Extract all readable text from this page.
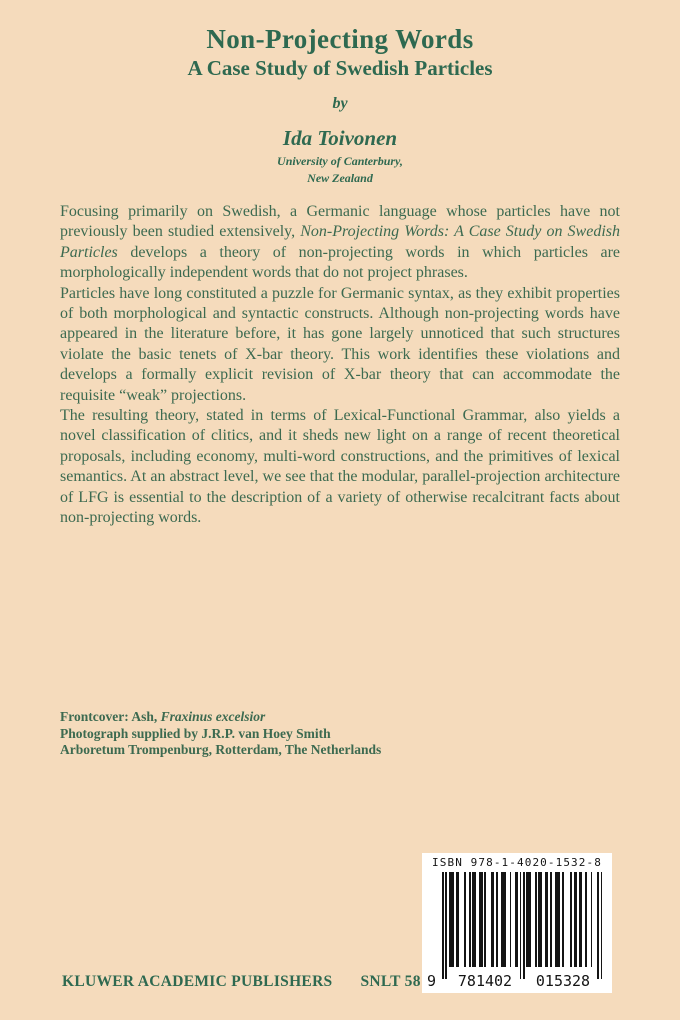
Non-Projecting Words
A Case Study of Swedish Particles
by
Ida Toivonen
University of Canterbury,
New Zealand

Focusing primarily on Swedish, a Germanic language whose particles have not previously been studied extensively, Non-Projecting Words: A Case Study on Swedish Particles develops a theory of non-projecting words in which particles are morphologically independent words that do not project phrases.

Particles have long constituted a puzzle for Germanic syntax, as they exhibit properties of both morphological and syntactic constructs. Although non-projecting words have appeared in the literature before, it has gone largely unnoticed that such structures violate the basic tenets of X-bar theory. This work identifies these violations and develops a formally explicit revision of X-bar theory that can accommodate the requisite “weak” projections.

The resulting theory, stated in terms of Lexical-Functional Grammar, also yields a novel classification of clitics, and it sheds new light on a range of recent theoretical proposals, including economy, multi-word constructions, and the primitives of lexical semantics. At an abstract level, we see that the modular, parallel-projection architecture of LFG is essential to the description of a variety of otherwise recalcitrant facts about non-projecting words.

Frontcover: Ash, Fraxinus excelsior
Photograph supplied by J.R.P. van Hoey Smith
Arboretum Trompenburg, Rotterdam, The Netherlands
KLUWER ACADEMIC PUBLISHERS SNLT 58
ISBN 978-1-4020-1532-8
9	781402	015328
